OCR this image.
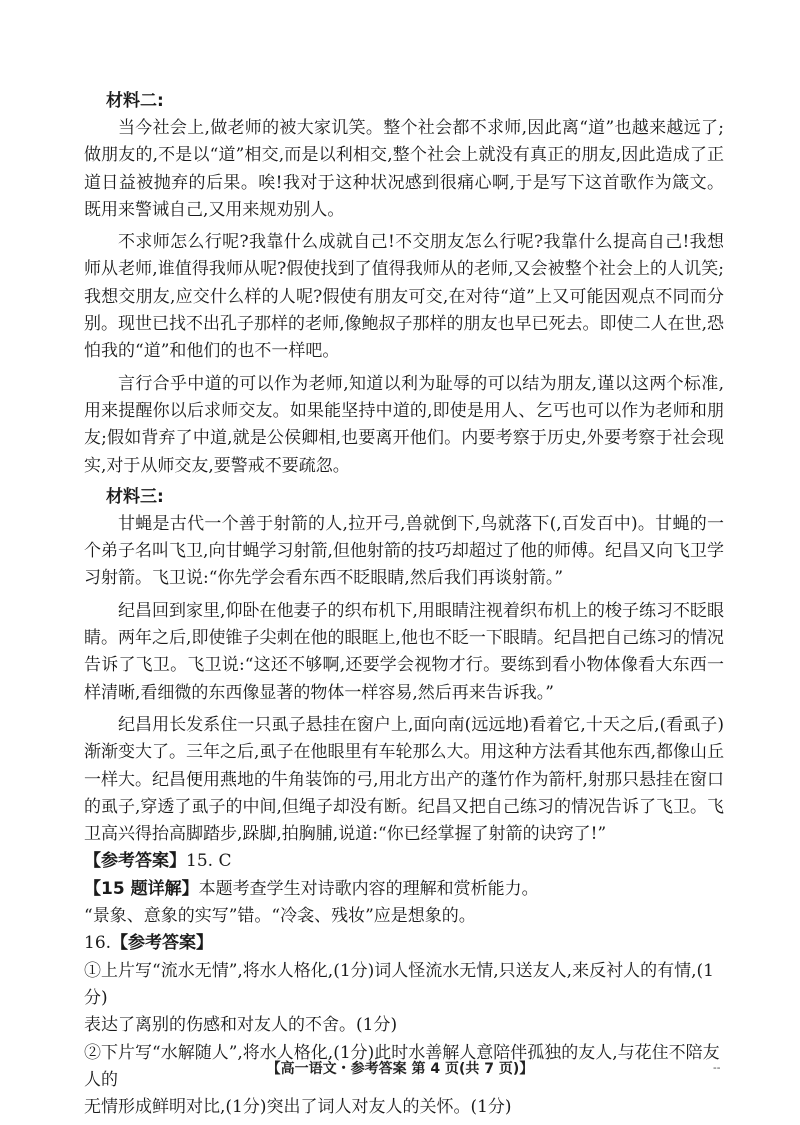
材料二:

当今社会上,做老师的被大家讥笑。整个社会都不求师,因此离“道”也越来越远了;做朋友的,不是以“道”相交,而是以利相交,整个社会上就没有真正的朋友,因此造成了正道日益被抛弃的后果。唉!我对于这种状况感到很痛心啊,于是写下这首歌作为箴文。既用来警诫自己,又用来规劝别人。

不求师怎么行呢?我靠什么成就自己!不交朋友怎么行呢?我靠什么提高自己!我想师从老师,谁值得我师从呢?假使找到了值得我师从的老师,又会被整个社会上的人讥笑;我想交朋友,应交什么样的人呢?假使有朋友可交,在对待“道”上又可能因观点不同而分别。现世已找不出孔子那样的老师,像鲍叔子那样的朋友也早已死去。即使二人在世,恐怕我的“道”和他们的也不一样吧。

言行合乎中道的可以作为老师,知道以利为耻辱的可以结为朋友,谨以这两个标准,用来提醒你以后求师交友。如果能坚持中道的,即使是用人、乞丐也可以作为老师和朋友;假如背弃了中道,就是公侯卿相,也要离开他们。内要考察于历史,外要考察于社会现实,对于从师交友,要警戒不要疏忽。

材料三:

甘蝇是古代一个善于射箭的人,拉开弓,兽就倒下,鸟就落下(,百发百中)。甘蝇的一个弟子名叫飞卫,向甘蝇学习射箭,但他射箭的技巧却超过了他的师傅。纪昌又向飞卫学习射箭。飞卫说:“你先学会看东西不眨眼睛,然后我们再谈射箭。”

纪昌回到家里,仰卧在他妻子的织布机下,用眼睛注视着织布机上的梭子练习不眨眼睛。两年之后,即使锥子尖刺在他的眼眶上,他也不眨一下眼睛。纪昌把自己练习的情况告诉了飞卫。飞卫说:“这还不够啊,还要学会视物才行。要练到看小物体像看大东西一样清晰,看细微的东西像显著的物体一样容易,然后再来告诉我。”

纪昌用长发系住一只虱子悬挂在窗户上,面向南(远远地)看着它,十天之后,(看虱子)渐渐变大了。三年之后,虱子在他眼里有车轮那么大。用这种方法看其他东西,都像山丘一样大。纪昌便用燕地的牛角装饰的弓,用北方出产的蓬竹作为箭杆,射那只悬挂在窗口的虱子,穿透了虱子的中间,但绳子却没有断。纪昌又把自己练习的情况告诉了飞卫。飞卫高兴得抬高脚踏步,跺脚,拍胸脯,说道:“你已经掌握了射箭的诀窍了!”

【参考答案】15. C

【15 题详解】本题考查学生对诗歌内容的理解和赏析能力。

“景象、意象的实写”错。“冷衾、残妆”应是想象的。

16.【参考答案】

①上片写“流水无情”,将水人格化,(1分)词人怪流水无情,只送友人,来反衬人的有情,(1分)

表达了离别的伤感和对友人的不舍。(1分)

②下片写“水解随人”,将水人格化,(1分)此时水善解人意陪伴孤独的友人,与花住不陪友人的

无情形成鲜明对比,(1分)突出了词人对友人的关怀。(1分)

【高一语文・参考答案 第 4 页(共 7 页)】	--
